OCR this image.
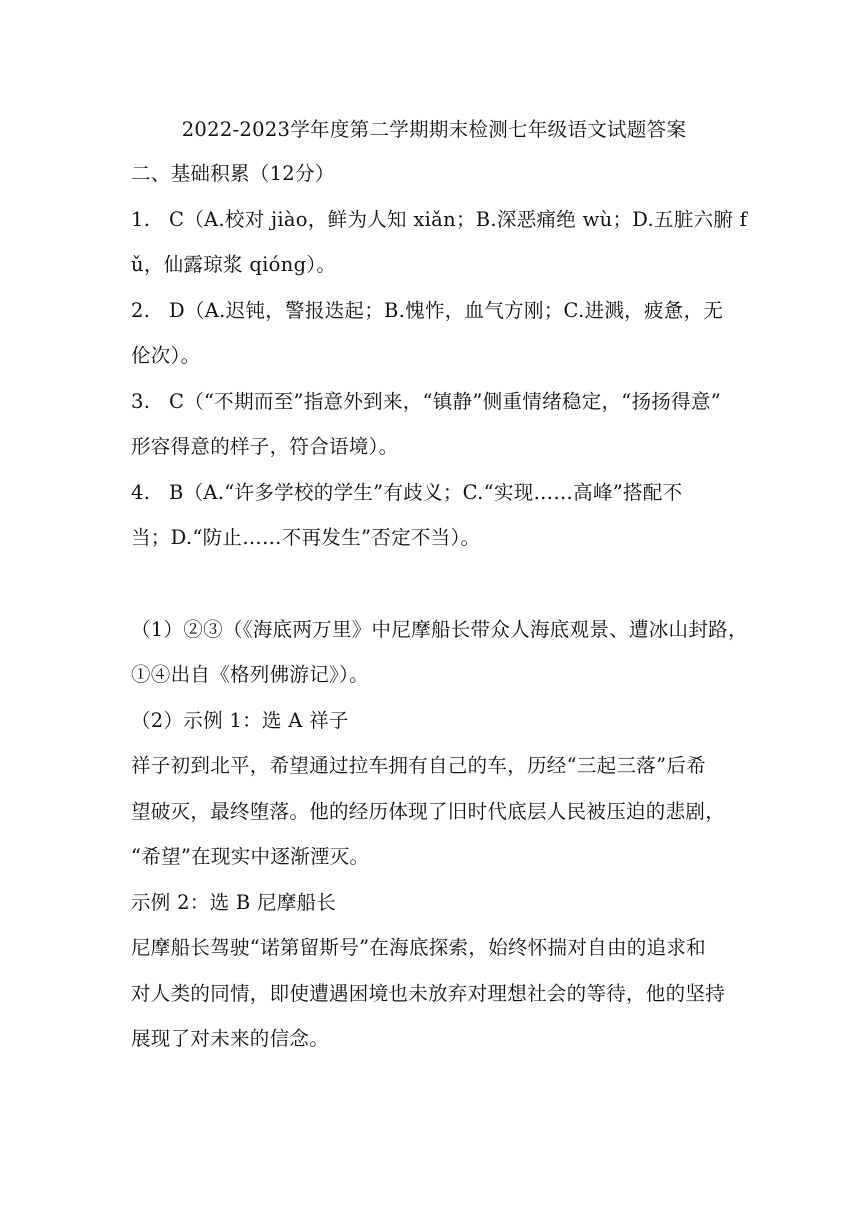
2022-2023学年度第二学期期末检测七年级语文试题答案
二、基础积累（12分）
1. C（A.校对 jiào，鲜为人知 xiǎn；B.深恶痛绝 wù；D.五脏六腑 f
ǔ，仙露琼浆 qióng）。
2. D（A.迟钝，警报迭起；B.愧怍，血气方刚；C.进溅，疲惫，无
伦次）。
3. C（“不期而至”指意外到来，“镇静”侧重情绪稳定，“扬扬得意”
形容得意的样子，符合语境）。
4. B（A.“许多学校的学生”有歧义；C.“实现……高峰”搭配不
当；D.“防止……不再发生”否定不当）。
（1）②③（《海底两万里》中尼摩船长带众人海底观景、遭冰山封路，
①④出自《格列佛游记》）。
（2）示例 1：选 A 祥子
祥子初到北平，希望通过拉车拥有自己的车，历经“三起三落”后希
望破灭，最终堕落。他的经历体现了旧时代底层人民被压迫的悲剧，
“希望”在现实中逐渐湮灭。
示例 2：选 B 尼摩船长
尼摩船长驾驶“诺第留斯号”在海底探索，始终怀揣对自由的追求和
对人类的同情，即使遭遇困境也未放弃对理想社会的等待，他的坚持
展现了对未来的信念。
